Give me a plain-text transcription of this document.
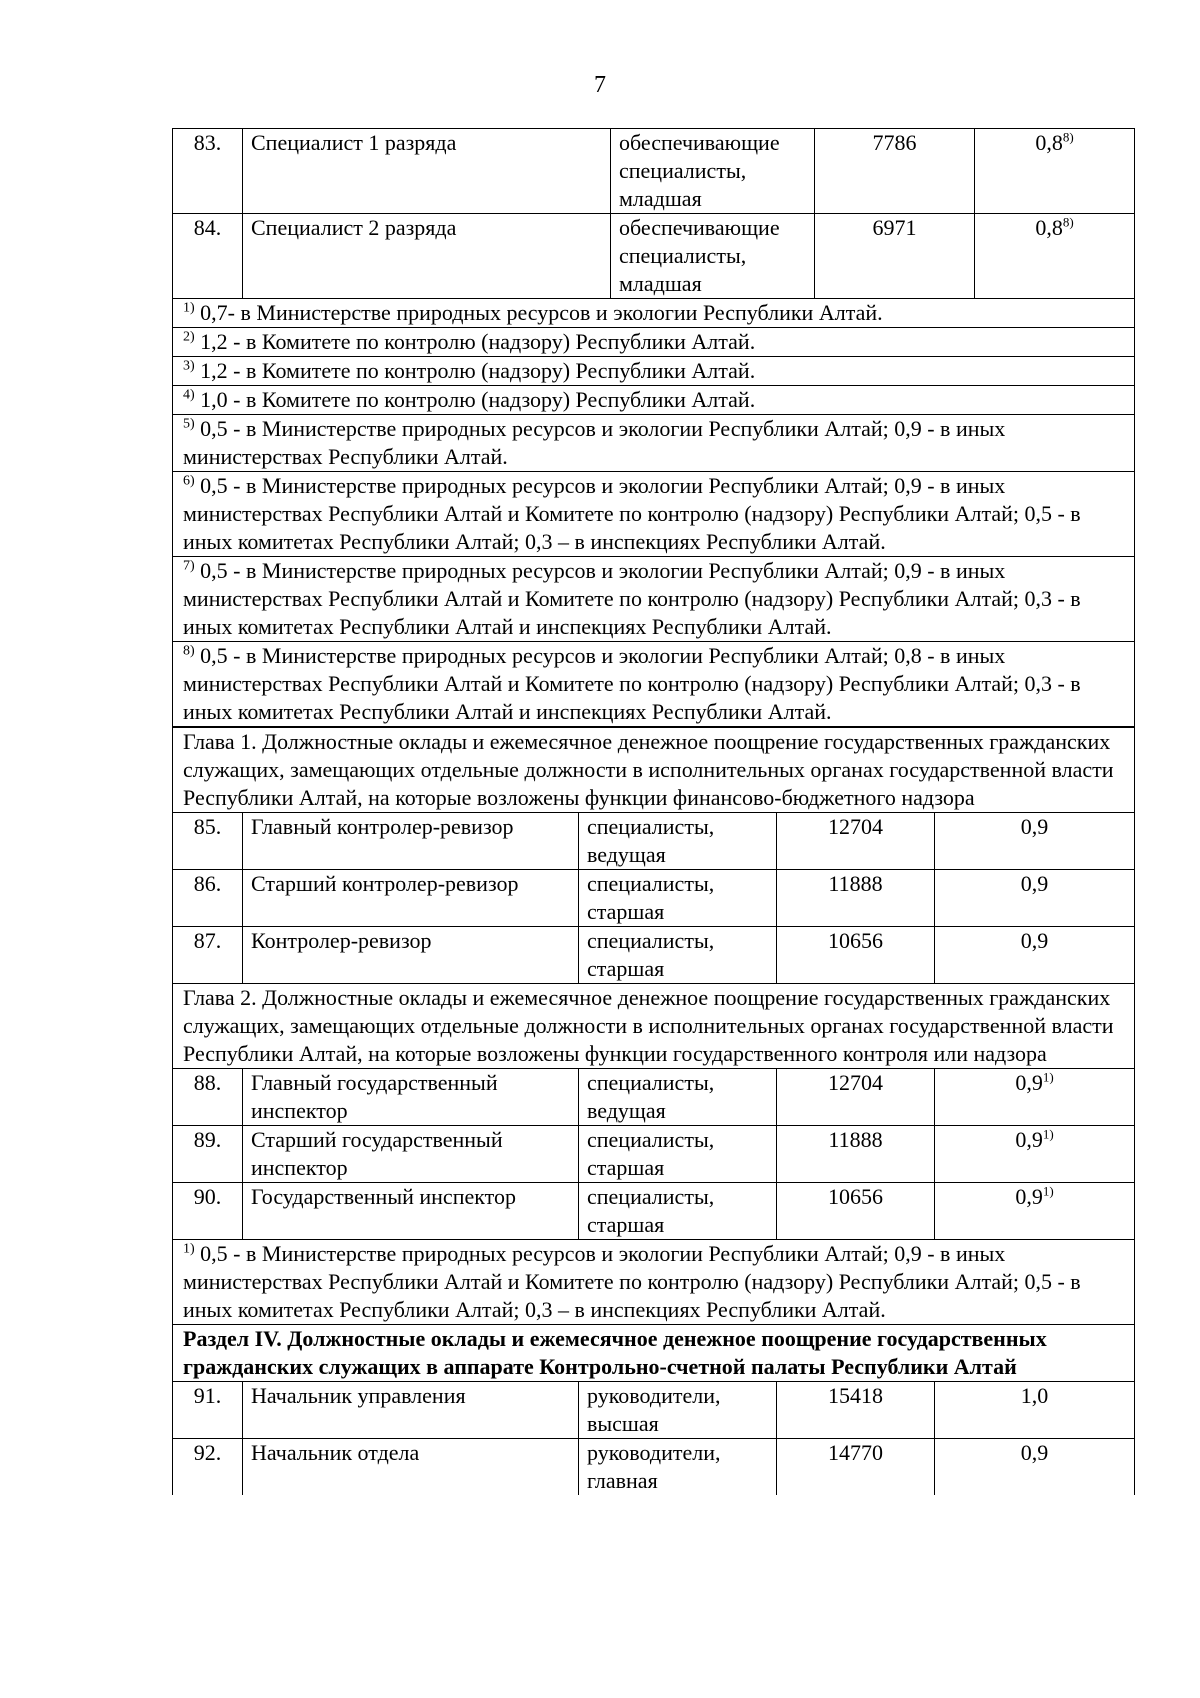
7
83.	Специалист 1 разряда	обеспечивающие специалисты, младшая	7786	0,8$^{8)}$
84.	Специалист 2 разряда	обеспечивающие специалисты, младшая	6971	0,8$^{8)}$
$^{1)}$ 0,7- в Министерстве природных ресурсов и экологии Республики Алтай.				
$^{2)}$ 1,2 - в Комитете по контролю (надзору) Республики Алтай.				
$^{3)}$ 1,2 - в Комитете по контролю (надзору) Республики Алтай.				
$^{4)}$ 1,0 - в Комитете по контролю (надзору) Республики Алтай.				
$^{5)}$ 0,5 - в Министерстве природных ресурсов и экологии Республики Алтай; 0,9 - в иных министерствах Республики Алтай.				
$^{6)}$ 0,5 - в Министерстве природных ресурсов и экологии Республики Алтай; 0,9 - в иных министерствах Республики Алтай и Комитете по контролю (надзору) Республики Алтай; 0,5 - в иных комитетах Республики Алтай; 0,3 – в инспекциях Республики Алтай.				
$^{7)}$ 0,5 - в Министерстве природных ресурсов и экологии Республики Алтай; 0,9 - в иных министерствах Республики Алтай и Комитете по контролю (надзору) Республики Алтай; 0,3 - в иных комитетах Республики Алтай и инспекциях Республики Алтай.				
$^{8)}$ 0,5 - в Министерстве природных ресурсов и экологии Республики Алтай; 0,8 - в иных министерствах Республики Алтай и Комитете по контролю (надзору) Республики Алтай; 0,3 - в иных комитетах Республики Алтай и инспекциях Республики Алтай.				
Глава 1. Должностные оклады и ежемесячное денежное поощрение государственных гражданских служащих, замещающих отдельные должности в исполнительных органах государственной власти Республики Алтай, на которые возложены функции финансово-бюджетного надзора				
85.	Главный контролер-ревизор	специалисты, ведущая	12704	0,9
86.	Старший контролер-ревизор	специалисты, старшая	11888	0,9
87.	Контролер-ревизор	специалисты, старшая	10656	0,9
Глава 2. Должностные оклады и ежемесячное денежное поощрение государственных гражданских служащих, замещающих отдельные должности в исполнительных органах государственной власти Республики Алтай, на которые возложены функции государственного контроля или надзора				
88.	Главный государственный инспектор	специалисты, ведущая	12704	0,9$^{1)}$
89.	Старший государственный инспектор	специалисты, старшая	11888	0,9$^{1)}$
90.	Государственный инспектор	специалисты, старшая	10656	0,9$^{1)}$
$^{1)}$ 0,5 - в Министерстве природных ресурсов и экологии Республики Алтай; 0,9 - в иных министерствах Республики Алтай и Комитете по контролю (надзору) Республики Алтай; 0,5 - в иных комитетах Республики Алтай; 0,3 – в инспекциях Республики Алтай.				
Раздел IV. Должностные оклады и ежемесячное денежное поощрение государственных гражданских служащих в аппарате Контрольно-счетной палаты Республики Алтай				
91.	Начальник управления	руководители, высшая	15418	1,0
92.	Начальник отдела	руководители, главная	14770	0,9
